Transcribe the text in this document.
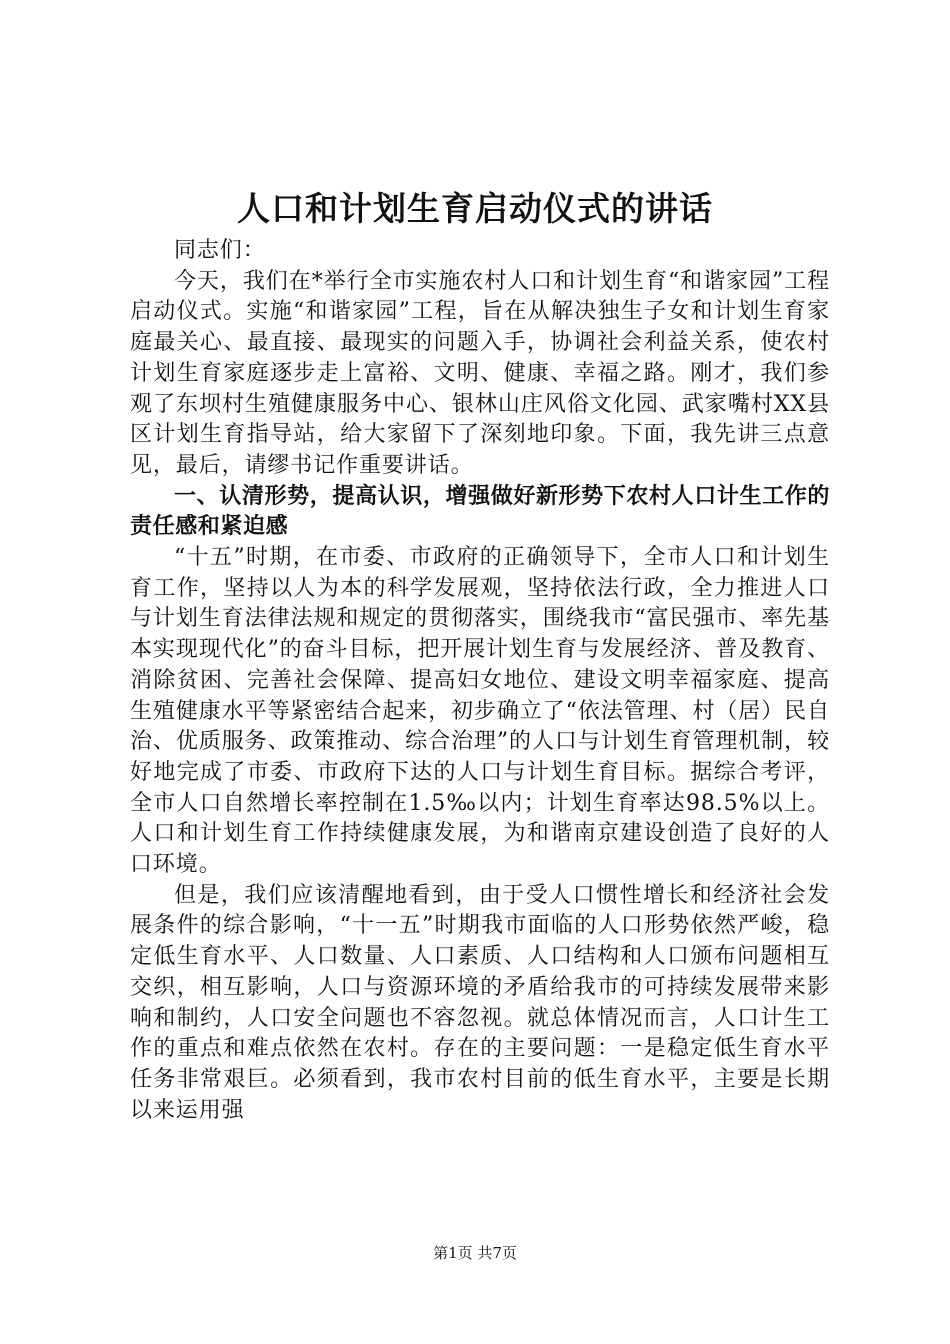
人口和计划生育启动仪式的讲话

同志们：

今天，我们在*举行全市实施农村人口和计划生育“和谐家园”工程启动仪式。实施“和谐家园”工程，旨在从解决独生子女和计划生育家庭最关心、最直接、最现实的问题入手，协调社会利益关系，使农村计划生育家庭逐步走上富裕、文明、健康、幸福之路。刚才，我们参观了东坝村生殖健康服务中心、银林山庄风俗文化园、武家嘴村XX县区计划生育指导站，给大家留下了深刻地印象。下面，我先讲三点意见，最后，请缪书记作重要讲话。

一、认清形势，提高认识，增强做好新形势下农村人口计生工作的责任感和紧迫感

“十五”时期，在市委、市政府的正确领导下，全市人口和计划生育工作，坚持以人为本的科学发展观，坚持依法行政，全力推进人口与计划生育法律法规和规定的贯彻落实，围绕我市“富民强市、率先基本实现现代化”的奋斗目标，把开展计划生育与发展经济、普及教育、消除贫困、完善社会保障、提高妇女地位、建设文明幸福家庭、提高生殖健康水平等紧密结合起来，初步确立了“依法管理、村（居）民自治、优质服务、政策推动、综合治理”的人口与计划生育管理机制，较好地完成了市委、市政府下达的人口与计划生育目标。据综合考评，全市人口自然增长率控制在1.5‰以内；计划生育率达98.5%以上。人口和计划生育工作持续健康发展，为和谐南京建设创造了良好的人口环境。

但是，我们应该清醒地看到，由于受人口惯性增长和经济社会发展条件的综合影响，“十一五”时期我市面临的人口形势依然严峻，稳定低生育水平、人口数量、人口素质、人口结构和人口颁布问题相互交织，相互影响，人口与资源环境的矛盾给我市的可持续发展带来影响和制约，人口安全问题也不容忽视。就总体情况而言，人口计生工作的重点和难点依然在农村。存在的主要问题：一是稳定低生育水平任务非常艰巨。必须看到，我市农村目前的低生育水平，主要是长期以来运用强

第1页 共7页
